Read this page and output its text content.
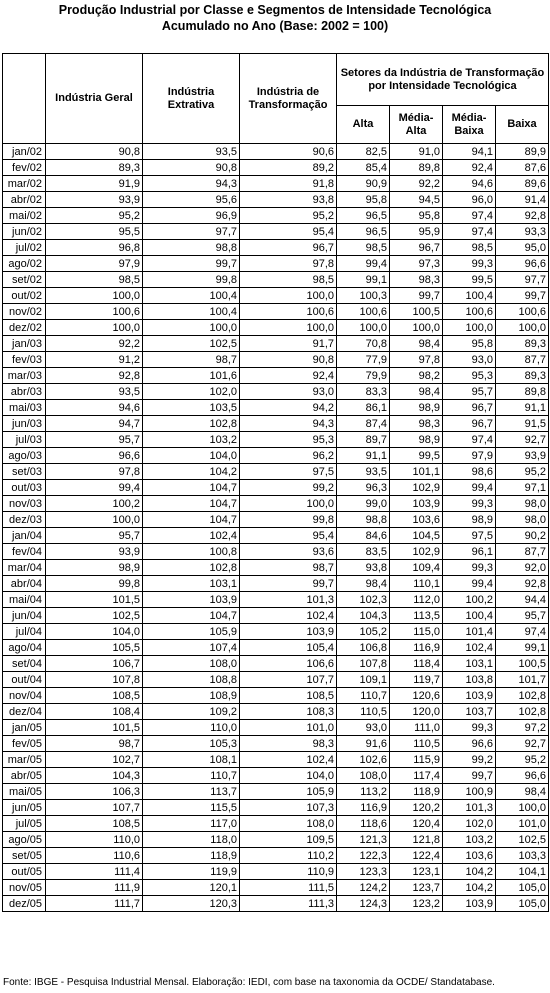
Produção Industrial por Classe e Segmentos de Intensidade Tecnológica
Acumulado no Ano (Base: 2002 = 100)
	Indústria Geral	Indústria Extrativa	Indústria de Transformação	Setores da Indústria de Transformação por Intensidade Tecnológica			
				Alta	Média-Alta	Média-Baixa	Baixa
jan/02	90,8	93,5	90,6	82,5	91,0	94,1	89,9
fev/02	89,3	90,8	89,2	85,4	89,8	92,4	87,6
mar/02	91,9	94,3	91,8	90,9	92,2	94,6	89,6
abr/02	93,9	95,6	93,8	95,8	94,5	96,0	91,4
mai/02	95,2	96,9	95,2	96,5	95,8	97,4	92,8
jun/02	95,5	97,7	95,4	96,5	95,9	97,4	93,3
jul/02	96,8	98,8	96,7	98,5	96,7	98,5	95,0
ago/02	97,9	99,7	97,8	99,4	97,3	99,3	96,6
set/02	98,5	99,8	98,5	99,1	98,3	99,5	97,7
out/02	100,0	100,4	100,0	100,3	99,7	100,4	99,7
nov/02	100,6	100,4	100,6	100,6	100,5	100,6	100,6
dez/02	100,0	100,0	100,0	100,0	100,0	100,0	100,0
jan/03	92,2	102,5	91,7	70,8	98,4	95,8	89,3
fev/03	91,2	98,7	90,8	77,9	97,8	93,0	87,7
mar/03	92,8	101,6	92,4	79,9	98,2	95,3	89,3
abr/03	93,5	102,0	93,0	83,3	98,4	95,7	89,8
mai/03	94,6	103,5	94,2	86,1	98,9	96,7	91,1
jun/03	94,7	102,8	94,3	87,4	98,3	96,7	91,5
jul/03	95,7	103,2	95,3	89,7	98,9	97,4	92,7
ago/03	96,6	104,0	96,2	91,1	99,5	97,9	93,9
set/03	97,8	104,2	97,5	93,5	101,1	98,6	95,2
out/03	99,4	104,7	99,2	96,3	102,9	99,4	97,1
nov/03	100,2	104,7	100,0	99,0	103,9	99,3	98,0
dez/03	100,0	104,7	99,8	98,8	103,6	98,9	98,0
jan/04	95,7	102,4	95,4	84,6	104,5	97,5	90,2
fev/04	93,9	100,8	93,6	83,5	102,9	96,1	87,7
mar/04	98,9	102,8	98,7	93,8	109,4	99,3	92,0
abr/04	99,8	103,1	99,7	98,4	110,1	99,4	92,8
mai/04	101,5	103,9	101,3	102,3	112,0	100,2	94,4
jun/04	102,5	104,7	102,4	104,3	113,5	100,4	95,7
jul/04	104,0	105,9	103,9	105,2	115,0	101,4	97,4
ago/04	105,5	107,4	105,4	106,8	116,9	102,4	99,1
set/04	106,7	108,0	106,6	107,8	118,4	103,1	100,5
out/04	107,8	108,8	107,7	109,1	119,7	103,8	101,7
nov/04	108,5	108,9	108,5	110,7	120,6	103,9	102,8
dez/04	108,4	109,2	108,3	110,5	120,0	103,7	102,8
jan/05	101,5	110,0	101,0	93,0	111,0	99,3	97,2
fev/05	98,7	105,3	98,3	91,6	110,5	96,6	92,7
mar/05	102,7	108,1	102,4	102,6	115,9	99,2	95,2
abr/05	104,3	110,7	104,0	108,0	117,4	99,7	96,6
mai/05	106,3	113,7	105,9	113,2	118,9	100,9	98,4
jun/05	107,7	115,5	107,3	116,9	120,2	101,3	100,0
jul/05	108,5	117,0	108,0	118,6	120,4	102,0	101,0
ago/05	110,0	118,0	109,5	121,3	121,8	103,2	102,5
set/05	110,6	118,9	110,2	122,3	122,4	103,6	103,3
out/05	111,4	119,9	110,9	123,3	123,1	104,2	104,1
nov/05	111,9	120,1	111,5	124,2	123,7	104,2	105,0
dez/05	111,7	120,3	111,3	124,3	123,2	103,9	105,0
Fonte: IBGE - Pesquisa Industrial Mensal. Elaboração: IEDI, com base na taxonomia da OCDE/ Standatabase.
